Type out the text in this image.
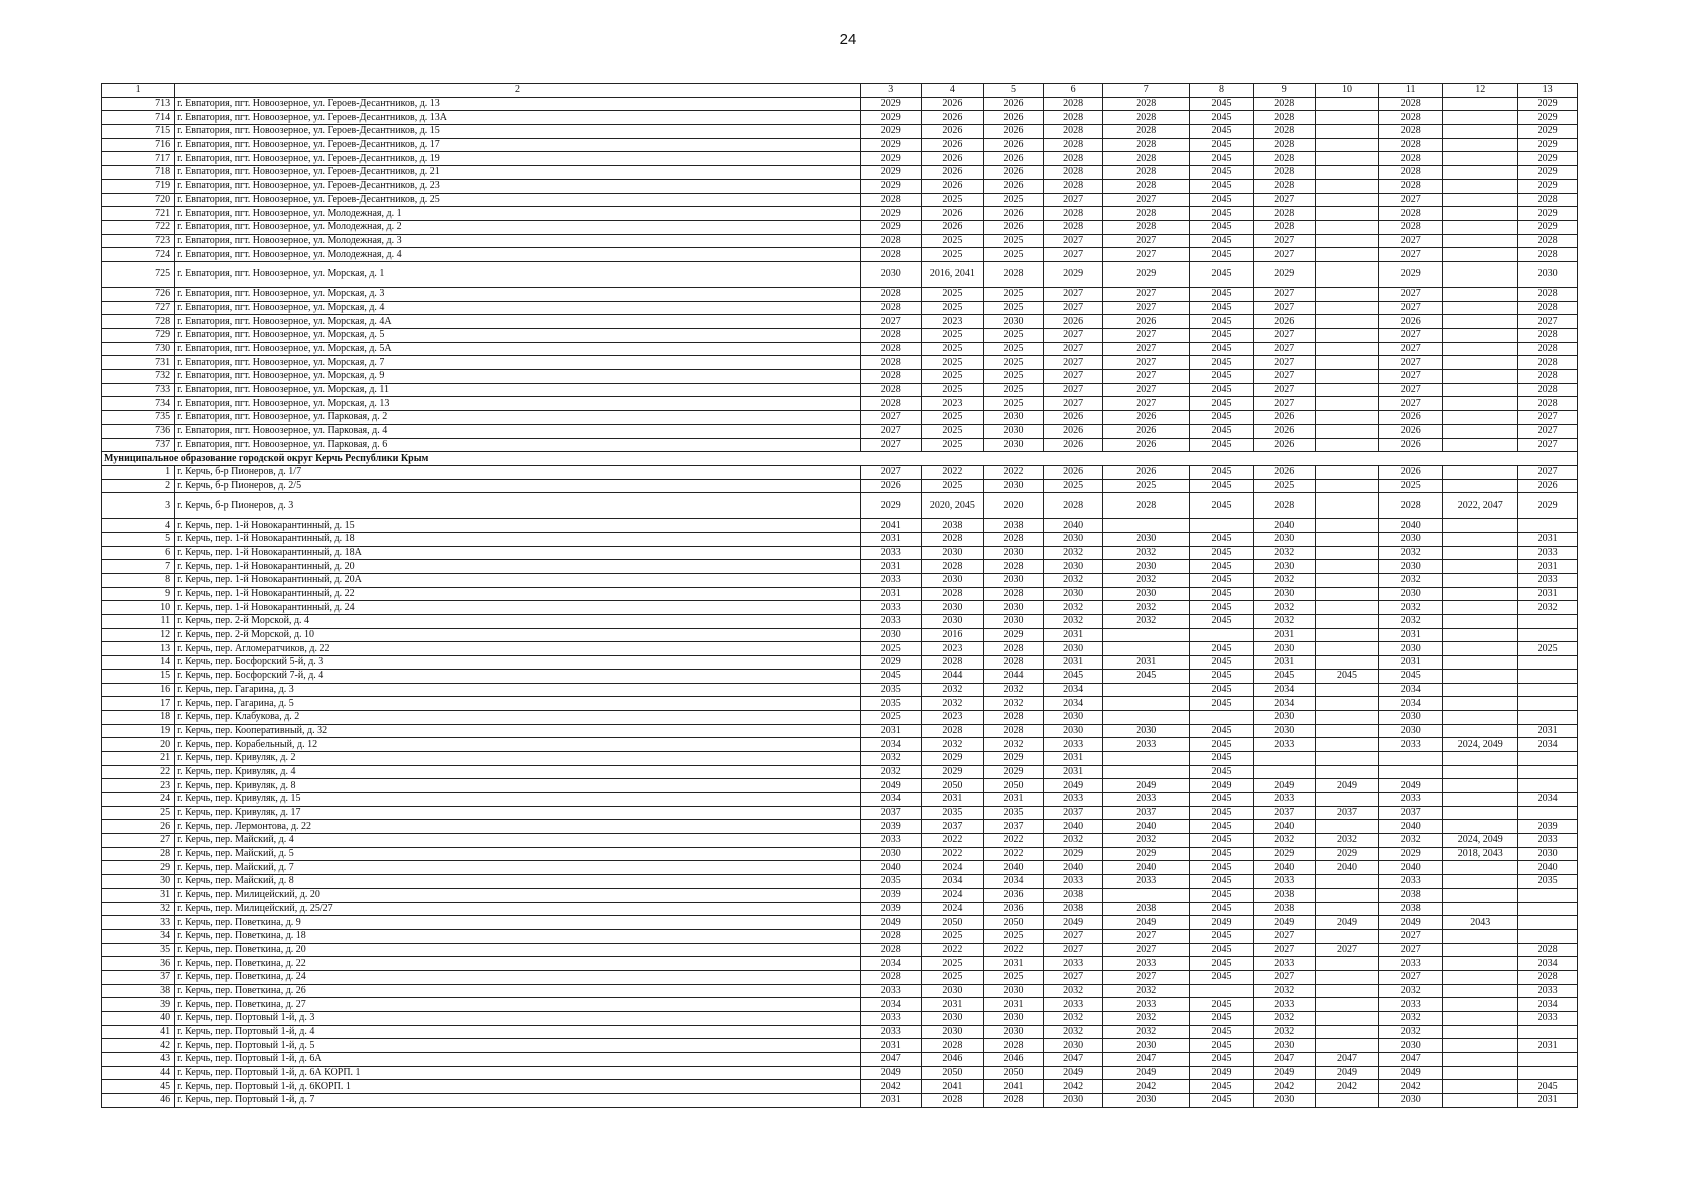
24
1	2	3	4	5	6	7	8	9	10	11	12	13
713	г. Евпатория, пгт. Новоозерное, ул. Героев-Десантников, д. 13	2029	2026	2026	2028	2028	2045	2028		2028		2029
714	г. Евпатория, пгт. Новоозерное, ул. Героев-Десантников, д. 13А	2029	2026	2026	2028	2028	2045	2028		2028		2029
715	г. Евпатория, пгт. Новоозерное, ул. Героев-Десантников, д. 15	2029	2026	2026	2028	2028	2045	2028		2028		2029
716	г. Евпатория, пгт. Новоозерное, ул. Героев-Десантников, д. 17	2029	2026	2026	2028	2028	2045	2028		2028		2029
717	г. Евпатория, пгт. Новоозерное, ул. Героев-Десантников, д. 19	2029	2026	2026	2028	2028	2045	2028		2028		2029
718	г. Евпатория, пгт. Новоозерное, ул. Героев-Десантников, д. 21	2029	2026	2026	2028	2028	2045	2028		2028		2029
719	г. Евпатория, пгт. Новоозерное, ул. Героев-Десантников, д. 23	2029	2026	2026	2028	2028	2045	2028		2028		2029
720	г. Евпатория, пгт. Новоозерное, ул. Героев-Десантников, д. 25	2028	2025	2025	2027	2027	2045	2027		2027		2028
721	г. Евпатория, пгт. Новоозерное, ул. Молодежная, д. 1	2029	2026	2026	2028	2028	2045	2028		2028		2029
722	г. Евпатория, пгт. Новоозерное, ул. Молодежная, д. 2	2029	2026	2026	2028	2028	2045	2028		2028		2029
723	г. Евпатория, пгт. Новоозерное, ул. Молодежная, д. 3	2028	2025	2025	2027	2027	2045	2027		2027		2028
724	г. Евпатория, пгт. Новоозерное, ул. Молодежная, д. 4	2028	2025	2025	2027	2027	2045	2027		2027		2028
725	г. Евпатория, пгт. Новоозерное, ул. Морская, д. 1	2030	2016, 2041	2028	2029	2029	2045	2029		2029		2030
726	г. Евпатория, пгт. Новоозерное, ул. Морская, д. 3	2028	2025	2025	2027	2027	2045	2027		2027		2028
727	г. Евпатория, пгт. Новоозерное, ул. Морская, д. 4	2028	2025	2025	2027	2027	2045	2027		2027		2028
728	г. Евпатория, пгт. Новоозерное, ул. Морская, д. 4А	2027	2023	2030	2026	2026	2045	2026		2026		2027
729	г. Евпатория, пгт. Новоозерное, ул. Морская, д. 5	2028	2025	2025	2027	2027	2045	2027		2027		2028
730	г. Евпатория, пгт. Новоозерное, ул. Морская, д. 5А	2028	2025	2025	2027	2027	2045	2027		2027		2028
731	г. Евпатория, пгт. Новоозерное, ул. Морская, д. 7	2028	2025	2025	2027	2027	2045	2027		2027		2028
732	г. Евпатория, пгт. Новоозерное, ул. Морская, д. 9	2028	2025	2025	2027	2027	2045	2027		2027		2028
733	г. Евпатория, пгт. Новоозерное, ул. Морская, д. 11	2028	2025	2025	2027	2027	2045	2027		2027		2028
734	г. Евпатория, пгт. Новоозерное, ул. Морская, д. 13	2028	2023	2025	2027	2027	2045	2027		2027		2028
735	г. Евпатория, пгт. Новоозерное, ул. Парковая, д. 2	2027	2025	2030	2026	2026	2045	2026		2026		2027
736	г. Евпатория, пгт. Новоозерное, ул. Парковая, д. 4	2027	2025	2030	2026	2026	2045	2026		2026		2027
737	г. Евпатория, пгт. Новоозерное, ул. Парковая, д. 6	2027	2025	2030	2026	2026	2045	2026		2026		2027
Муниципальное образование городской округ Керчь Республики Крым												
1	г. Керчь, б-р Пионеров, д. 1/7	2027	2022	2022	2026	2026	2045	2026		2026		2027
2	г. Керчь, б-р Пионеров, д. 2/5	2026	2025	2030	2025	2025	2045	2025		2025		2026
3	г. Керчь, б-р Пионеров, д. 3	2029	2020, 2045	2020	2028	2028	2045	2028		2028	2022, 2047	2029
4	г. Керчь, пер. 1-й Новокарантинный, д. 15	2041	2038	2038	2040			2040		2040		
5	г. Керчь, пер. 1-й Новокарантинный, д. 18	2031	2028	2028	2030	2030	2045	2030		2030		2031
6	г. Керчь, пер. 1-й Новокарантинный, д. 18А	2033	2030	2030	2032	2032	2045	2032		2032		2033
7	г. Керчь, пер. 1-й Новокарантинный, д. 20	2031	2028	2028	2030	2030	2045	2030		2030		2031
8	г. Керчь, пер. 1-й Новокарантинный, д. 20А	2033	2030	2030	2032	2032	2045	2032		2032		2033
9	г. Керчь, пер. 1-й Новокарантинный, д. 22	2031	2028	2028	2030	2030	2045	2030		2030		2031
10	г. Керчь, пер. 1-й Новокарантинный, д. 24	2033	2030	2030	2032	2032	2045	2032		2032		2032
11	г. Керчь, пер. 2-й Морской, д. 4	2033	2030	2030	2032	2032	2045	2032		2032		
12	г. Керчь, пер. 2-й Морской, д. 10	2030	2016	2029	2031			2031		2031		
13	г. Керчь, пер. Агломератчиков, д. 22	2025	2023	2028	2030		2045	2030		2030		2025
14	г. Керчь, пер. Босфорский 5-й, д. 3	2029	2028	2028	2031	2031	2045	2031		2031		
15	г. Керчь, пер. Босфорский 7-й, д. 4	2045	2044	2044	2045	2045	2045	2045	2045	2045		
16	г. Керчь, пер. Гагарина, д. 3	2035	2032	2032	2034		2045	2034		2034		
17	г. Керчь, пер. Гагарина, д. 5	2035	2032	2032	2034		2045	2034		2034		
18	г. Керчь, пер. Клабукова, д. 2	2025	2023	2028	2030			2030		2030		
19	г. Керчь, пер. Кооперативный, д. 32	2031	2028	2028	2030	2030	2045	2030		2030		2031
20	г. Керчь, пер. Корабельный, д. 12	2034	2032	2032	2033	2033	2045	2033		2033	2024, 2049	2034
21	г. Керчь, пер. Кривуляк, д. 2	2032	2029	2029	2031		2045					
22	г. Керчь, пер. Кривуляк, д. 4	2032	2029	2029	2031		2045					
23	г. Керчь, пер. Кривуляк, д. 8	2049	2050	2050	2049	2049	2049	2049	2049	2049		
24	г. Керчь, пер. Кривуляк, д. 15	2034	2031	2031	2033	2033	2045	2033		2033		2034
25	г. Керчь, пер. Кривуляк, д. 17	2037	2035	2035	2037	2037	2045	2037	2037	2037		
26	г. Керчь, пер. Лермонтова, д. 22	2039	2037	2037	2040	2040	2045	2040		2040		2039
27	г. Керчь, пер. Майский, д. 4	2033	2022	2022	2032	2032	2045	2032	2032	2032	2024, 2049	2033
28	г. Керчь, пер. Майский, д. 5	2030	2022	2022	2029	2029	2045	2029	2029	2029	2018, 2043	2030
29	г. Керчь, пер. Майский, д. 7	2040	2024	2040	2040	2040	2045	2040	2040	2040		2040
30	г. Керчь, пер. Майский, д. 8	2035	2034	2034	2033	2033	2045	2033		2033		2035
31	г. Керчь, пер. Милицейский, д. 20	2039	2024	2036	2038		2045	2038		2038		
32	г. Керчь, пер. Милицейский, д. 25/27	2039	2024	2036	2038	2038	2045	2038		2038		
33	г. Керчь, пер. Поветкина, д. 9	2049	2050	2050	2049	2049	2049	2049	2049	2049	2043	
34	г. Керчь, пер. Поветкина, д. 18	2028	2025	2025	2027	2027	2045	2027		2027		
35	г. Керчь, пер. Поветкина, д. 20	2028	2022	2022	2027	2027	2045	2027	2027	2027		2028
36	г. Керчь, пер. Поветкина, д. 22	2034	2025	2031	2033	2033	2045	2033		2033		2034
37	г. Керчь, пер. Поветкина, д. 24	2028	2025	2025	2027	2027	2045	2027		2027		2028
38	г. Керчь, пер. Поветкина, д. 26	2033	2030	2030	2032	2032		2032		2032		2033
39	г. Керчь, пер. Поветкина, д. 27	2034	2031	2031	2033	2033	2045	2033		2033		2034
40	г. Керчь, пер. Портовый 1-й, д. 3	2033	2030	2030	2032	2032	2045	2032		2032		2033
41	г. Керчь, пер. Портовый 1-й, д. 4	2033	2030	2030	2032	2032	2045	2032		2032		
42	г. Керчь, пер. Портовый 1-й, д. 5	2031	2028	2028	2030	2030	2045	2030		2030		2031
43	г. Керчь, пер. Портовый 1-й, д. 6А	2047	2046	2046	2047	2047	2045	2047	2047	2047		
44	г. Керчь, пер. Портовый 1-й, д. 6А КОРП. 1	2049	2050	2050	2049	2049	2049	2049	2049	2049		
45	г. Керчь, пер. Портовый 1-й, д. 6КОРП. 1	2042	2041	2041	2042	2042	2045	2042	2042	2042		2045
46	г. Керчь, пер. Портовый 1-й, д. 7	2031	2028	2028	2030	2030	2045	2030		2030		2031
